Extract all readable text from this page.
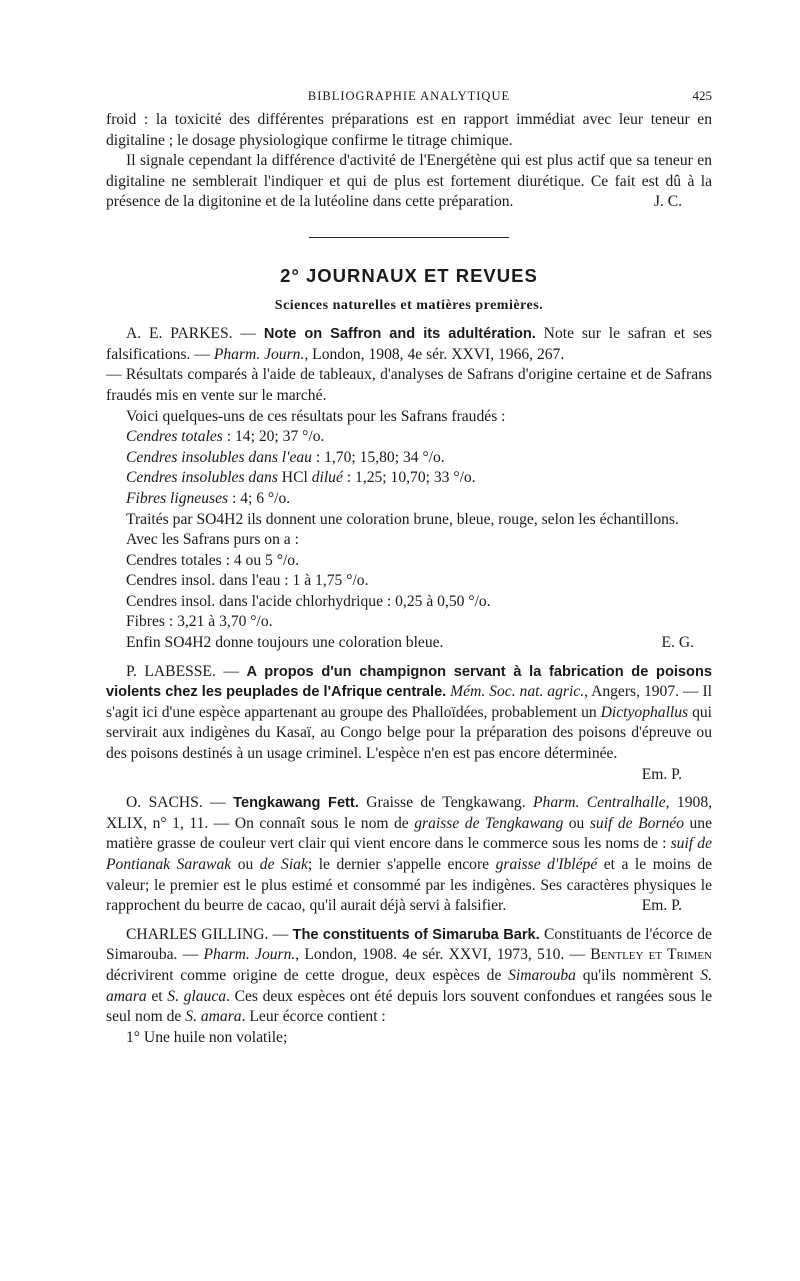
BIBLIOGRAPHIE ANALYTIQUE	425

froid : la toxicité des différentes préparations est en rapport immédiat avec leur teneur en digitaline ; le dosage physiologique confirme le titrage chimique.

Il signale cependant la différence d'activité de l'Energétène qui est plus actif que sa teneur en digitaline ne semblerait l'indiquer et qui de plus est fortement diurétique. Ce fait est dû à la présence de la digitonine et de la lutéoline dans cette préparation.	J. C.

2° JOURNAUX ET REVUES
Sciences naturelles et matières premières.

A. E. PARKES. — Note on Saffron and its adultération. Note sur le safran et ses falsifications. — Pharm. Journ., London, 1908, 4e sér. XXVI, 1966, 267.

— Résultats comparés à l'aide de tableaux, d'analyses de Safrans d'origine certaine et de Safrans fraudés mis en vente sur le marché.

Voici quelques-uns de ces résultats pour les Safrans fraudés :

Cendres totales : 14; 20; 37 °/o.

Cendres insolubles dans l'eau : 1,70; 15,80; 34 °/o.

Cendres insolubles dans HCl dilué : 1,25; 10,70; 33 °/o.

Fibres ligneuses : 4; 6 °/o.

Traités par SO4H2 ils donnent une coloration brune, bleue, rouge, selon les échantillons.

Avec les Safrans purs on a :

Cendres totales : 4 ou 5 °/o.

Cendres insol. dans l'eau : 1 à 1,75 °/o.

Cendres insol. dans l'acide chlorhydrique : 0,25 à 0,50 °/o.

Fibres : 3,21 à 3,70 °/o.

Enfin SO4H2 donne toujours une coloration bleue.	E. G.

P. LABESSE. — A propos d'un champignon servant à la fabrication de poisons violents chez les peuplades de l'Afrique centrale. Mém. Soc. nat. agric., Angers, 1907. — Il s'agit ici d'une espèce appartenant au groupe des Phalloïdées, probablement un Dictyophallus qui servirait aux indigènes du Kasaï, au Congo belge pour la préparation des poisons d'épreuve ou des poisons destinés à un usage criminel. L'espèce n'en est pas encore déterminée.

Em. P.

O. SACHS. — Tengkawang Fett. Graisse de Tengkawang. Pharm. Centralhalle, 1908, XLIX, n° 1, 11. — On connaît sous le nom de graisse de Tengkawang ou suif de Bornéo une matière grasse de couleur vert clair qui vient encore dans le commerce sous les noms de : suif de Pontianak Sarawak ou de Siak; le dernier s'appelle encore graisse d'Iblépé et a le moins de valeur; le premier est le plus estimé et consommé par les indigènes. Ses caractères physiques le rapprochent du beurre de cacao, qu'il aurait déjà servi à falsifier.	Em. P.

CHARLES GILLING. — The constituents of Simaruba Bark. Constituants de l'écorce de Simarouba. — Pharm. Journ., London, 1908. 4e sér. XXVI, 1973, 510. — Bentley et Trimen décrivirent comme origine de cette drogue, deux espèces de Simarouba qu'ils nommèrent S. amara et S. glauca. Ces deux espèces ont été depuis lors souvent confondues et rangées sous le seul nom de S. amara. Leur écorce contient :

1° Une huile non volatile;
